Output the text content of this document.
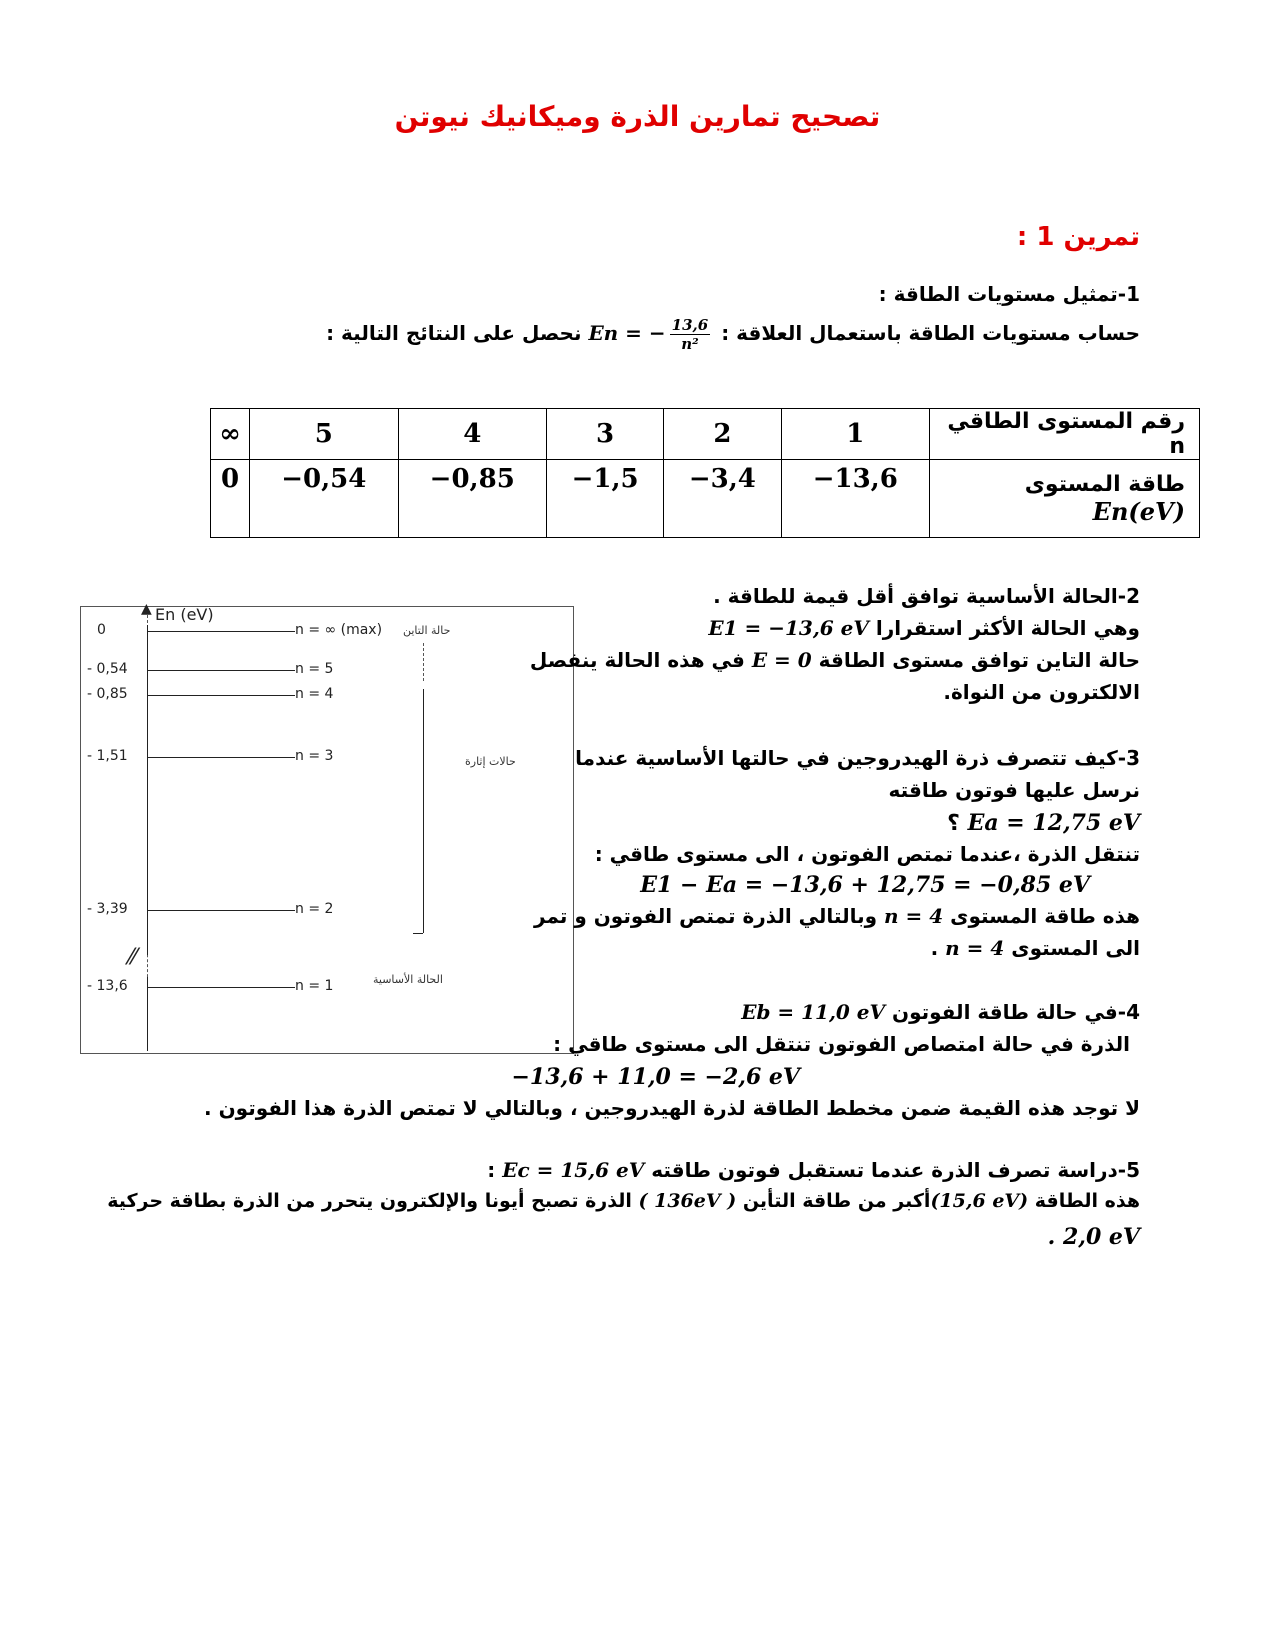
تصحيح تمارين الذرة وميكانيك نيوتن
تمرين 1 :
1-تمثيل مستويات الطاقة :
حساب مستويات الطاقة باستعمال العلاقة : En = − $\frac{13,6}{\text{n²}}$
نحصل على النتائج التالية :
∞	5	4	3	2	1	رقم المستوى الطاقي n
0	−0,54	−0,85	−1,5	−3,4	−13,6	طاقة المستوى
En(eV)
▲ En (eV)
⁄⁄
0
- 0,54
- 0,85
- 1,51
- 3,39
- 13,6
n = ∞ (max)
n = 5
n = 4
n = 3
n = 2
n = 1
حالة التاين
حالات إثارة
الحالة الأساسية
2-الحالة الأساسية توافق أقل قيمة للطاقة .
وهي الحالة الأكثر استقرارا E1 = −13,6 eV
حالة التاين توافق مستوى الطاقة E = 0 في هذه الحالة ينفصل
الالكترون من النواة.
3-كيف تتصرف ذرة الهيدروجين في حالتها الأساسية عندما
نرسل عليها فوتون طاقته
Ea = 12,75 eV ؟
تنتقل الذرة ،عندما تمتص الفوتون ، الى مستوى طاقي :
E1 − Ea = −13,6 + 12,75 = −0,85 eV
هذه طاقة المستوى n = 4 وبالتالي الذرة تمتص الفوتون و تمر
الى المستوى n = 4 .
4-في حالة طاقة الفوتون Eb = 11,0 eV
الذرة في حالة امتصاص الفوتون تنتقل الى مستوى طاقي :
−13,6 + 11,0 = −2,6 eV
لا توجد هذه القيمة ضمن مخطط الطاقة لذرة الهيدروجين ، وبالتالي لا تمتص الذرة هذا الفوتون .
5-دراسة تصرف الذرة عندما تستقبل فوتون طاقته Ec = 15,6 eV :
هذه الطاقة (15,6 eV)أكبر من طاقة التأين ( 136eV ) الذرة تصبح أيونا والإلكترون يتحرر من الذرة بطاقة حركية
. 2,0 eV
